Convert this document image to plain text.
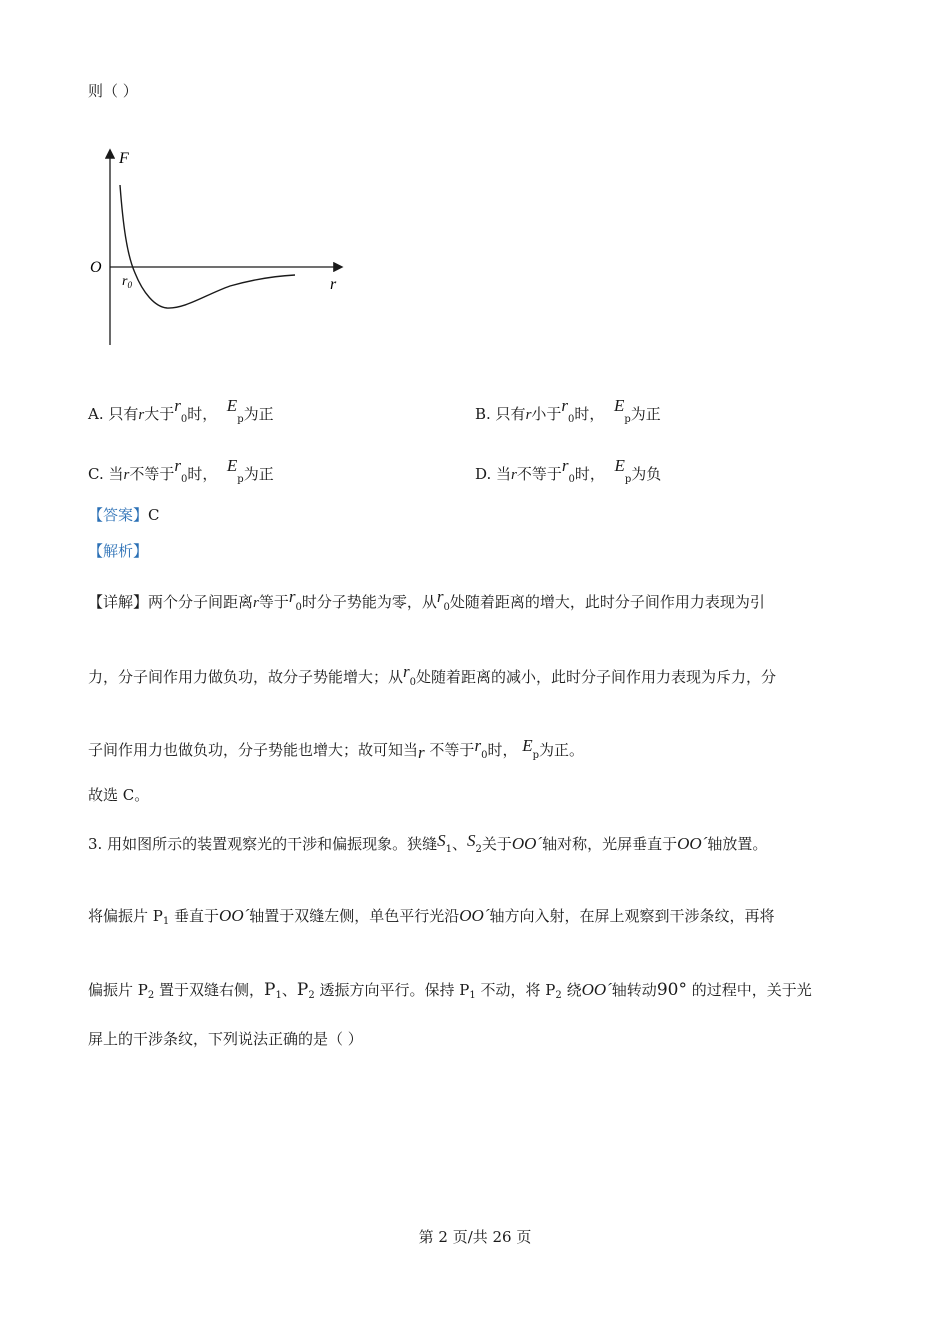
则（ ）
F
r
O
$r_0$
A. 只有r大于$r_0$时， $E_p$为正	B. 只有r小于$r_0$时， $E_p$为正
C. 当r不等于$r_0$时， $E_p$为正	D. 当r不等于$r_0$时， $E_p$为负
【答案】C
【解析】
【详解】两个分子间距离r等于$r_0$时分子势能为零，从$r_0$处随着距离的增大，此时分子间作用力表现为引
力，分子间作用力做负功，故分子势能增大；从$r_0$处随着距离的减小，此时分子间作用力表现为斥力，分
子间作用力也做负功，分子势能也增大；故可知当r 不等于$r_0$时， $E_p$为正。
故选 C。
3. 用如图所示的装置观察光的干涉和偏振现象。狭缝$S_1$、$S_2$关于OO´轴对称，光屏垂直于OO´轴放置。
将偏振片 $P_1$ 垂直于OO´轴置于双缝左侧，单色平行光沿OO´轴方向入射，在屏上观察到干涉条纹，再将
偏振片 $P_2$ 置于双缝右侧，$P_1$、$P_2$ 透振方向平行。保持 $P_1$ 不动，将 $P_2$ 绕OO´轴转动90° 的过程中，关于光
屏上的干涉条纹，下列说法正确的是（ ）
第 2 页/共 26 页
